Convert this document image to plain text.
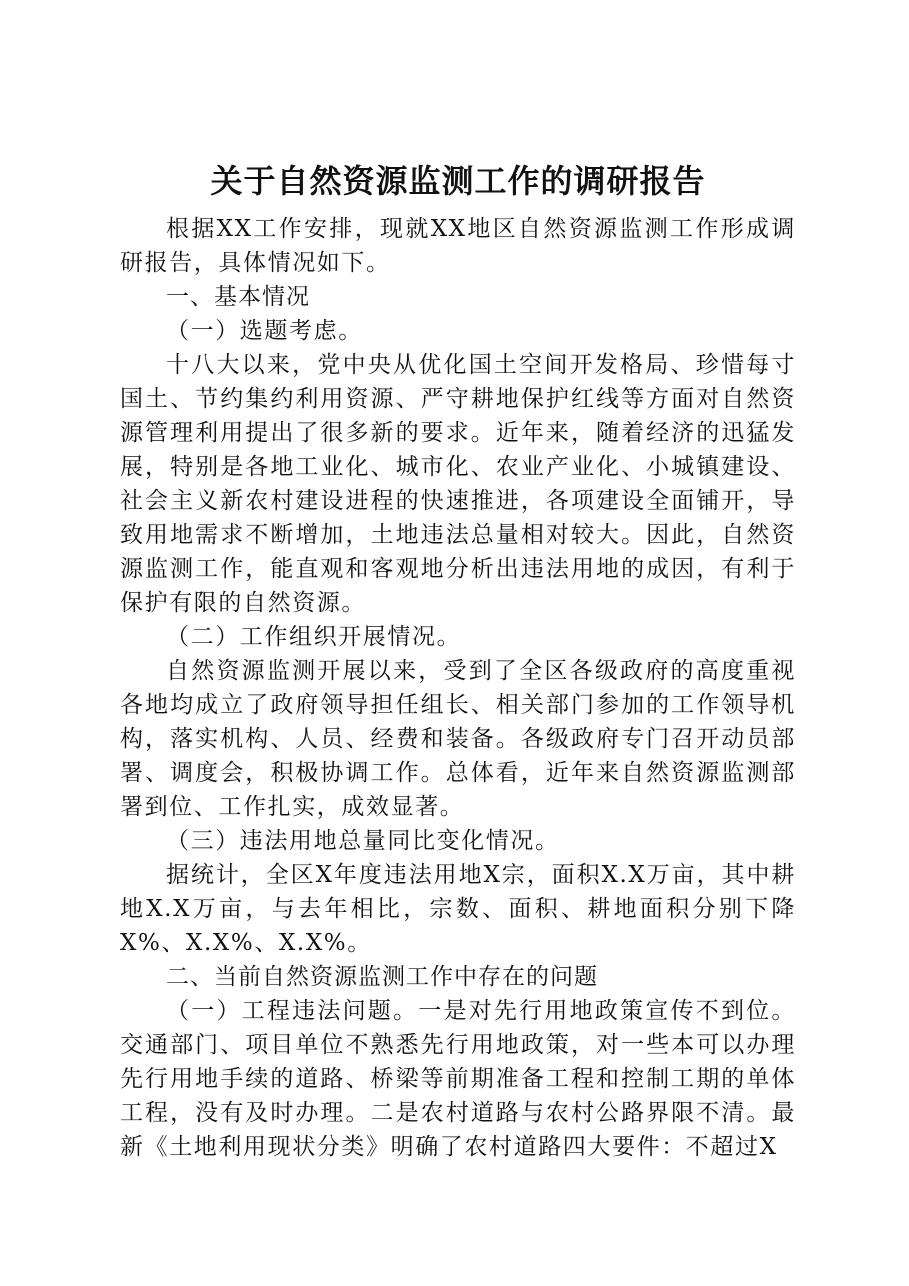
关于自然资源监测工作的调研报告

根据XX工作安排，现就XX地区自然资源监测工作形成调研报告，具体情况如下。

一、基本情况

（一）选题考虑。

十八大以来，党中央从优化国土空间开发格局、珍惜每寸国土、节约集约利用资源、严守耕地保护红线等方面对自然资源管理利用提出了很多新的要求。近年来，随着经济的迅猛发展，特别是各地工业化、城市化、农业产业化、小城镇建设、社会主义新农村建设进程的快速推进，各项建设全面铺开，导致用地需求不断增加，土地违法总量相对较大。因此，自然资源监测工作，能直观和客观地分析出违法用地的成因，有利于保护有限的自然资源。

（二）工作组织开展情况。

自然资源监测开展以来，受到了全区各级政府的高度重视各地均成立了政府领导担任组长、相关部门参加的工作领导机构，落实机构、人员、经费和装备。各级政府专门召开动员部署、调度会，积极协调工作。总体看，近年来自然资源监测部署到位、工作扎实，成效显著。

（三）违法用地总量同比变化情况。

据统计，全区X年度违法用地X宗，面积X.X万亩，其中耕地X.X万亩，与去年相比，宗数、面积、耕地面积分别下降X%、X.X%、X.X%。

二、当前自然资源监测工作中存在的问题

（一）工程违法问题。一是对先行用地政策宣传不到位。交通部门、项目单位不熟悉先行用地政策，对一些本可以办理先行用地手续的道路、桥梁等前期准备工程和控制工期的单体工程，没有及时办理。二是农村道路与农村公路界限不清。最新《土地利用现状分类》明确了农村道路四大要件：不超过X
